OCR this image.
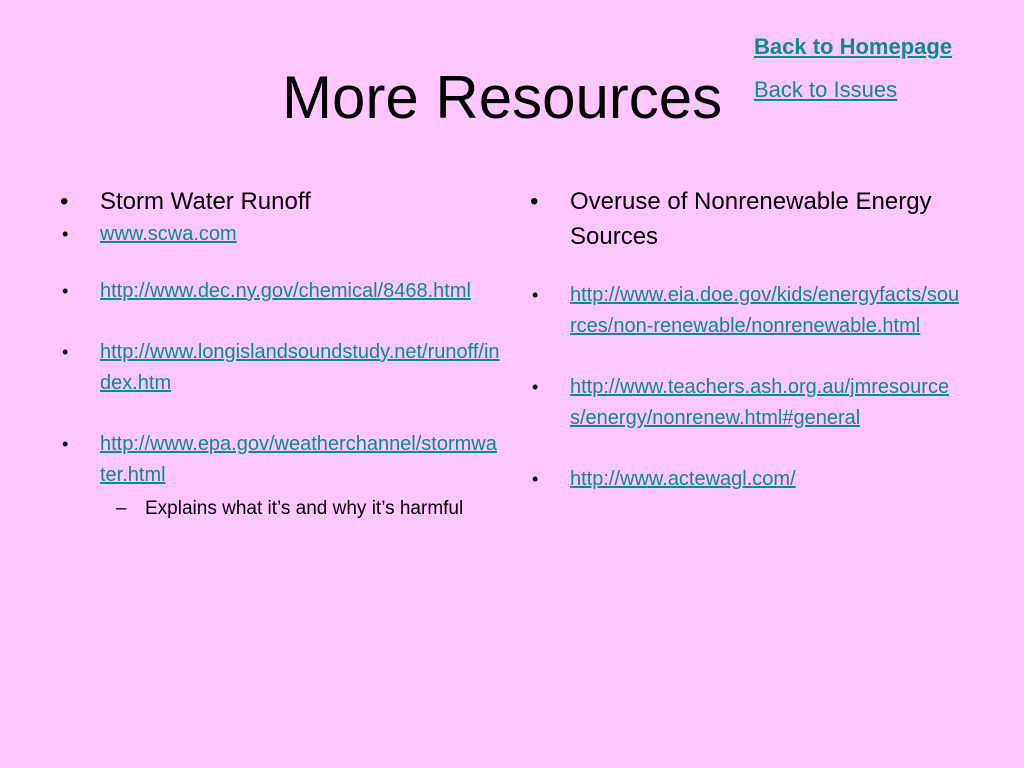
More Resources
Back to Homepage
Back to Issues
• Storm Water Runoff
• www.scwa.com
• http://www.dec.ny.gov/chemical/8468.html
• http://www.longislandsoundstudy.net/runoff/index.htm
• http://www.epa.gov/weatherchannel/stormwater.html
– Explains what it’s and why it’s harmful
• Overuse of Nonrenewable Energy Sources
• http://www.eia.doe.gov/kids/energyfacts/sources/non-renewable/nonrenewable.html
• http://www.teachers.ash.org.au/jmresources/energy/nonrenew.html#general
• http://www.actewagl.com/
